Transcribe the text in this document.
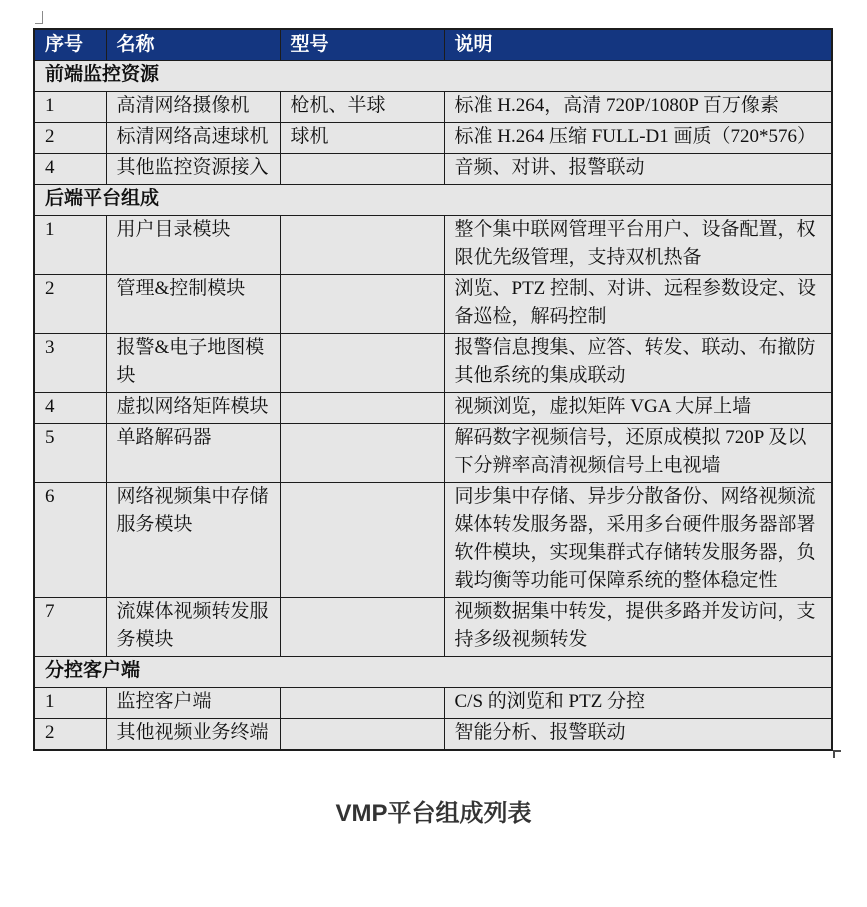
序号	名称	型号	说明
前端监控资源			
1	高清网络摄像机	枪机、半球	标准 H.264，高清 720P/1080P 百万像素
2	标清网络高速球机	球机	标准 H.264 压缩 FULL-D1 画质（720*576）
4	其他监控资源接入		音频、对讲、报警联动
后端平台组成			
1	用户目录模块		整个集中联网管理平台用户、设备配置，权限优先级管理，支持双机热备
2	管理&控制模块		浏览、PTZ 控制、对讲、远程参数设定、设备巡检，解码控制
3	报警&电子地图模块		报警信息搜集、应答、转发、联动、布撤防其他系统的集成联动
4	虚拟网络矩阵模块		视频浏览，虚拟矩阵 VGA 大屏上墙
5	单路解码器		解码数字视频信号，还原成模拟 720P 及以下分辨率高清视频信号上电视墙
6	网络视频集中存储服务模块		同步集中存储、异步分散备份、网络视频流媒体转发服务器，采用多台硬件服务器部署软件模块，实现集群式存储转发服务器，负载均衡等功能可保障系统的整体稳定性
7	流媒体视频转发服务模块		视频数据集中转发，提供多路并发访问，支持多级视频转发
分控客户端			
1	监控客户端		C/S 的浏览和 PTZ 分控
2	其他视频业务终端		智能分析、报警联动
VMP平台组成列表
